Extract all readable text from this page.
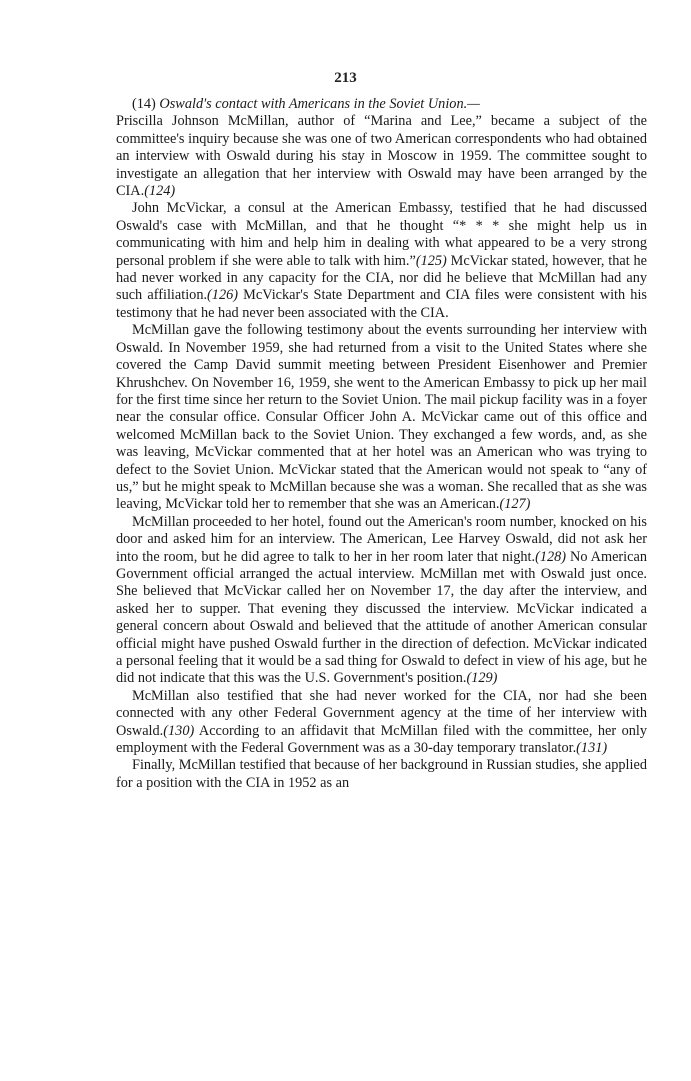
213

(14) Oswald's contact with Americans in the Soviet Union.—

Priscilla Johnson McMillan, author of “Marina and Lee,” became a subject of the committee's inquiry because she was one of two American correspondents who had obtained an interview with Oswald during his stay in Moscow in 1959. The committee sought to investigate an allegation that her interview with Oswald may have been arranged by the CIA.(124)

John McVickar, a consul at the American Embassy, testified that he had discussed Oswald's case with McMillan, and that he thought “* * * she might help us in communicating with him and help him in dealing with what appeared to be a very strong personal problem if she were able to talk with him.”(125) McVickar stated, however, that he had never worked in any capacity for the CIA, nor did he believe that McMillan had any such affiliation.(126) McVickar's State Department and CIA files were consistent with his testimony that he had never been associated with the CIA.

McMillan gave the following testimony about the events surrounding her interview with Oswald. In November 1959, she had returned from a visit to the United States where she covered the Camp David summit meeting between President Eisenhower and Premier Khrushchev. On November 16, 1959, she went to the American Embassy to pick up her mail for the first time since her return to the Soviet Union. The mail pickup facility was in a foyer near the consular office. Consular Officer John A. McVickar came out of this office and welcomed McMillan back to the Soviet Union. They exchanged a few words, and, as she was leaving, McVickar commented that at her hotel was an American who was trying to defect to the Soviet Union. McVickar stated that the American would not speak to “any of us,” but he might speak to McMillan because she was a woman. She recalled that as she was leaving, McVickar told her to remember that she was an American.(127)

McMillan proceeded to her hotel, found out the American's room number, knocked on his door and asked him for an interview. The American, Lee Harvey Oswald, did not ask her into the room, but he did agree to talk to her in her room later that night.(128) No American Government official arranged the actual interview. McMillan met with Oswald just once. She believed that McVickar called her on November 17, the day after the interview, and asked her to supper. That evening they discussed the interview. McVickar indicated a general concern about Oswald and believed that the attitude of another American consular official might have pushed Oswald further in the direction of defection. McVickar indicated a personal feeling that it would be a sad thing for Oswald to defect in view of his age, but he did not indicate that this was the U.S. Government's position.(129)

McMillan also testified that she had never worked for the CIA, nor had she been connected with any other Federal Government agency at the time of her interview with Oswald.(130) According to an affidavit that McMillan filed with the committee, her only employment with the Federal Government was as a 30-day temporary translator.(131)

Finally, McMillan testified that because of her background in Russian studies, she applied for a position with the CIA in 1952 as an
